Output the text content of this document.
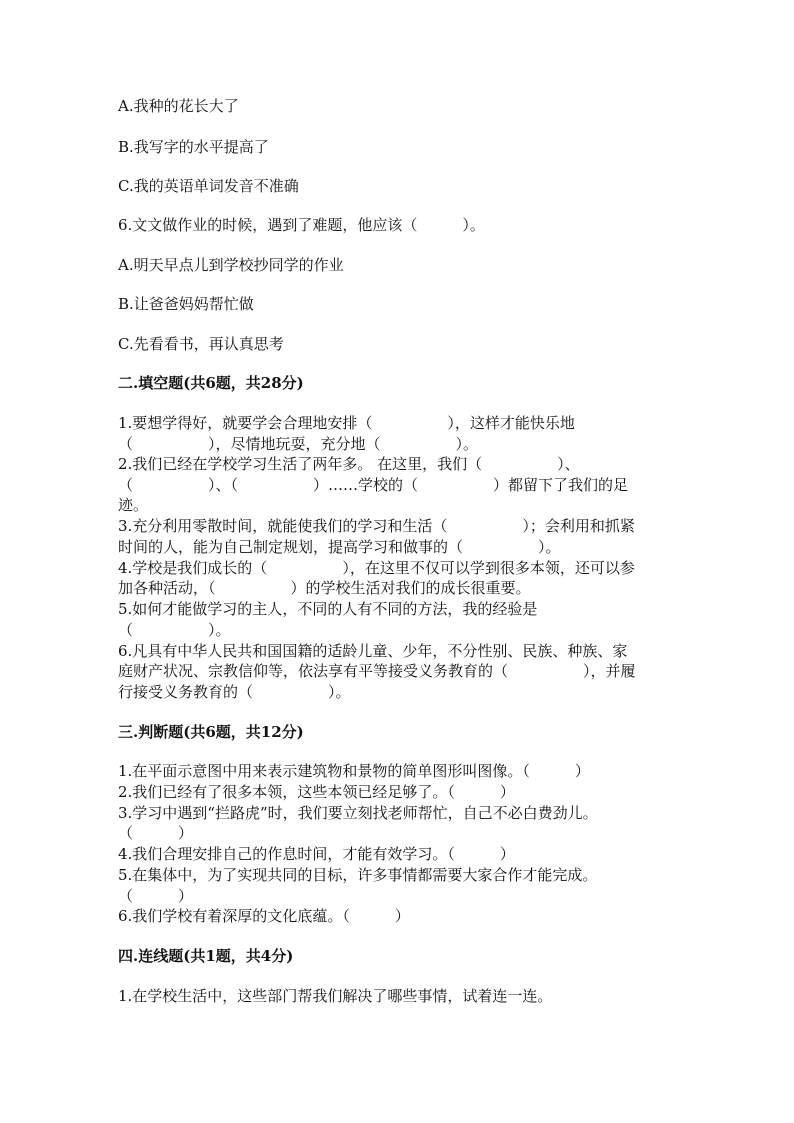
A.我种的花长大了
B.我写字的水平提高了
C.我的英语单词发音不准确
6.文文做作业的时候，遇到了难题，他应该（　　　）。
A.明天早点儿到学校抄同学的作业
B.让爸爸妈妈帮忙做
C.先看看书，再认真思考
二.填空题(共6题，共28分)
1.要想学得好，就要学会合理地安排（　　　　　），这样才能快乐地
（　　　　　），尽情地玩耍，充分地（　　　　　）。
2.我们已经在学校学习生活了两年多。 在这里，我们（　　　　　）、
（　　　　　）、（　　　　　）……学校的（　　　　　）都留下了我们的足
迹。
3.充分利用零散时间，就能使我们的学习和生活（　　　　　）；会利用和抓紧
时间的人，能为自己制定规划，提高学习和做事的（　　　　　）。
4.学校是我们成长的（　　　　　），在这里不仅可以学到很多本领，还可以参
加各种活动，（　　　　　）的学校生活对我们的成长很重要。
5.如何才能做学习的主人，不同的人有不同的方法，我的经验是
（　　　　　）。
6.凡具有中华人民共和国国籍的适龄儿童、少年，不分性别、民族、种族、家
庭财产状况、宗教信仰等，依法享有平等接受义务教育的（　　　　　），并履
行接受义务教育的（　　　　　）。
三.判断题(共6题，共12分)
1.在平面示意图中用来表示建筑物和景物的简单图形叫图像。（　　　）
2.我们已经有了很多本领，这些本领已经足够了。（　　　）
3.学习中遇到“拦路虎”时，我们要立刻找老师帮忙，自己不必白费劲儿。
（　　　）
4.我们合理安排自己的作息时间，才能有效学习。（　　　）
5.在集体中，为了实现共同的目标，许多事情都需要大家合作才能完成。
（　　　）
6.我们学校有着深厚的文化底蕴。（　　　）
四.连线题(共1题，共4分)
1.在学校生活中，这些部门帮我们解决了哪些事情，试着连一连。
